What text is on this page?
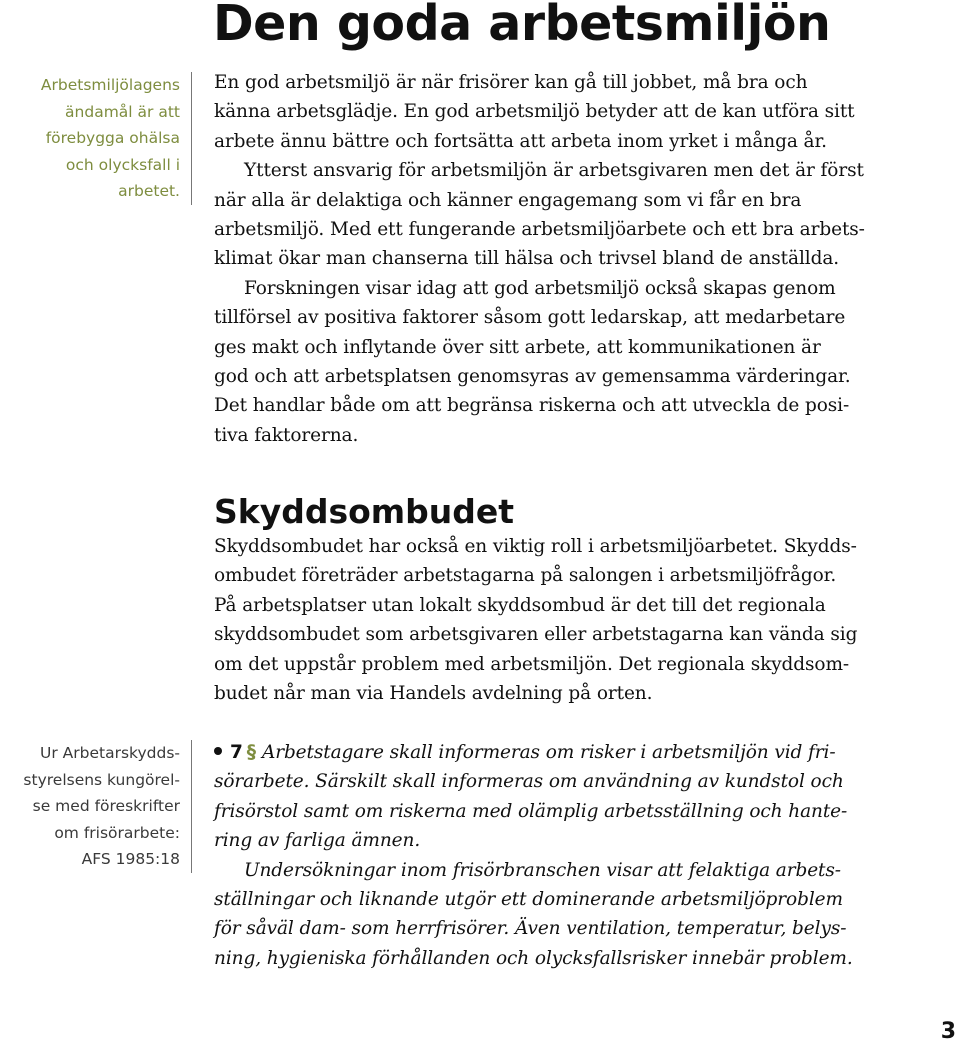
Den goda arbetsmiljön
Arbetsmiljölagens
ändamål är att
förebygga ohälsa
och olycksfall i
arbetet.
En god arbetsmiljö är när frisörer kan gå till jobbet, må bra och
känna arbetsglädje. En god arbetsmiljö betyder att de kan utföra sitt
arbete ännu bättre och fortsätta att arbeta inom yrket i många år.
Ytterst ansvarig för arbetsmiljön är arbetsgivaren men det är först
när alla är delaktiga och känner engagemang som vi får en bra
arbetsmiljö. Med ett fungerande arbetsmiljöarbete och ett bra arbets-
klimat ökar man chanserna till hälsa och trivsel bland de anställda.
Forskningen visar idag att god arbetsmiljö också skapas genom
tillförsel av positiva faktorer såsom gott ledarskap, att medarbetare
ges makt och inflytande över sitt arbete, att kommunikationen är
god och att arbetsplatsen genomsyras av gemensamma värderingar.
Det handlar både om att begränsa riskerna och att utveckla de posi-
tiva faktorerna.
Skyddsombudet
Skyddsombudet har också en viktig roll i arbetsmiljöarbetet. Skydds-
ombudet företräder arbetstagarna på salongen i arbetsmiljöfrågor.
På arbetsplatser utan lokalt skyddsombud är det till det regionala
skyddsombudet som arbetsgivaren eller arbetstagarna kan vända sig
om det uppstår problem med arbetsmiljön. Det regionala skyddsom-
budet når man via Handels avdelning på orten.
Ur Arbetarskydds-
styrelsens kungörel-
se med föreskrifter
om frisörarbete:
AFS 1985:18
7 § Arbetstagare skall informeras om risker i arbetsmiljön vid fri-
sörarbete. Särskilt skall informeras om användning av kundstol och
frisörstol samt om riskerna med olämplig arbetsställning och hante-
ring av farliga ämnen.
Undersökningar inom frisörbranschen visar att felaktiga arbets-
ställningar och liknande utgör ett dominerande arbetsmiljöproblem
för såväl dam- som herrfrisörer. Även ventilation, temperatur, belys-
ning, hygieniska förhållanden och olycksfallsrisker innebär problem.
3
